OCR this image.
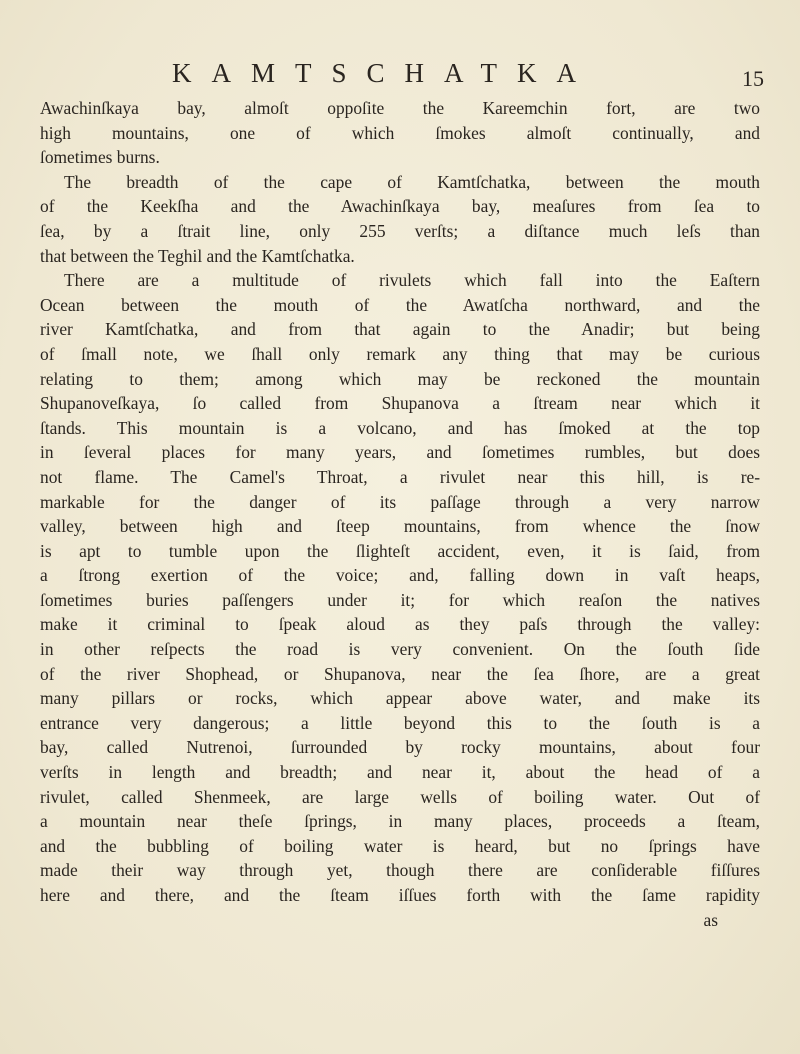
KAMTSCHATKA	15
Awachinſkaya bay, almoſt oppoſite the Kareemchin fort, are two
high mountains, one of which ſmokes almoſt continually, and
ſometimes burns.
The breadth of the cape of Kamtſchatka, between the mouth
of the Keekſha and the Awachinſkaya bay, meaſures from ſea to
ſea, by a ſtrait line, only 255 verſts; a diſtance much leſs than
that between the Teghil and the Kamtſchatka.
There are a multitude of rivulets which fall into the Eaſtern
Ocean between the mouth of the Awatſcha northward, and the
river Kamtſchatka, and from that again to the Anadir; but being
of ſmall note, we ſhall only remark any thing that may be curious
relating to them; among which may be reckoned the mountain
Shupanoveſkaya, ſo called from Shupanova a ſtream near which it
ſtands. This mountain is a volcano, and has ſmoked at the top
in ſeveral places for many years, and ſometimes rumbles, but does
not flame. The Camel's Throat, a rivulet near this hill, is re-
markable for the danger of its paſſage through a very narrow
valley, between high and ſteep mountains, from whence the ſnow
is apt to tumble upon the ſlighteſt accident, even, it is ſaid, from
a ſtrong exertion of the voice; and, falling down in vaſt heaps,
ſometimes buries paſſengers under it; for which reaſon the natives
make it criminal to ſpeak aloud as they paſs through the valley:
in other reſpects the road is very convenient. On the ſouth ſide
of the river Shophead, or Shupanova, near the ſea ſhore, are a great
many pillars or rocks, which appear above water, and make its
entrance very dangerous; a little beyond this to the ſouth is a
bay, called Nutrenoi, ſurrounded by rocky mountains, about four
verſts in length and breadth; and near it, about the head of a
rivulet, called Shenmeek, are large wells of boiling water. Out of
a mountain near theſe ſprings, in many places, proceeds a ſteam,
and the bubbling of boiling water is heard, but no ſprings have
made their way through yet, though there are conſiderable fiſſures
here and there, and the ſteam iſſues forth with the ſame rapidity
as
